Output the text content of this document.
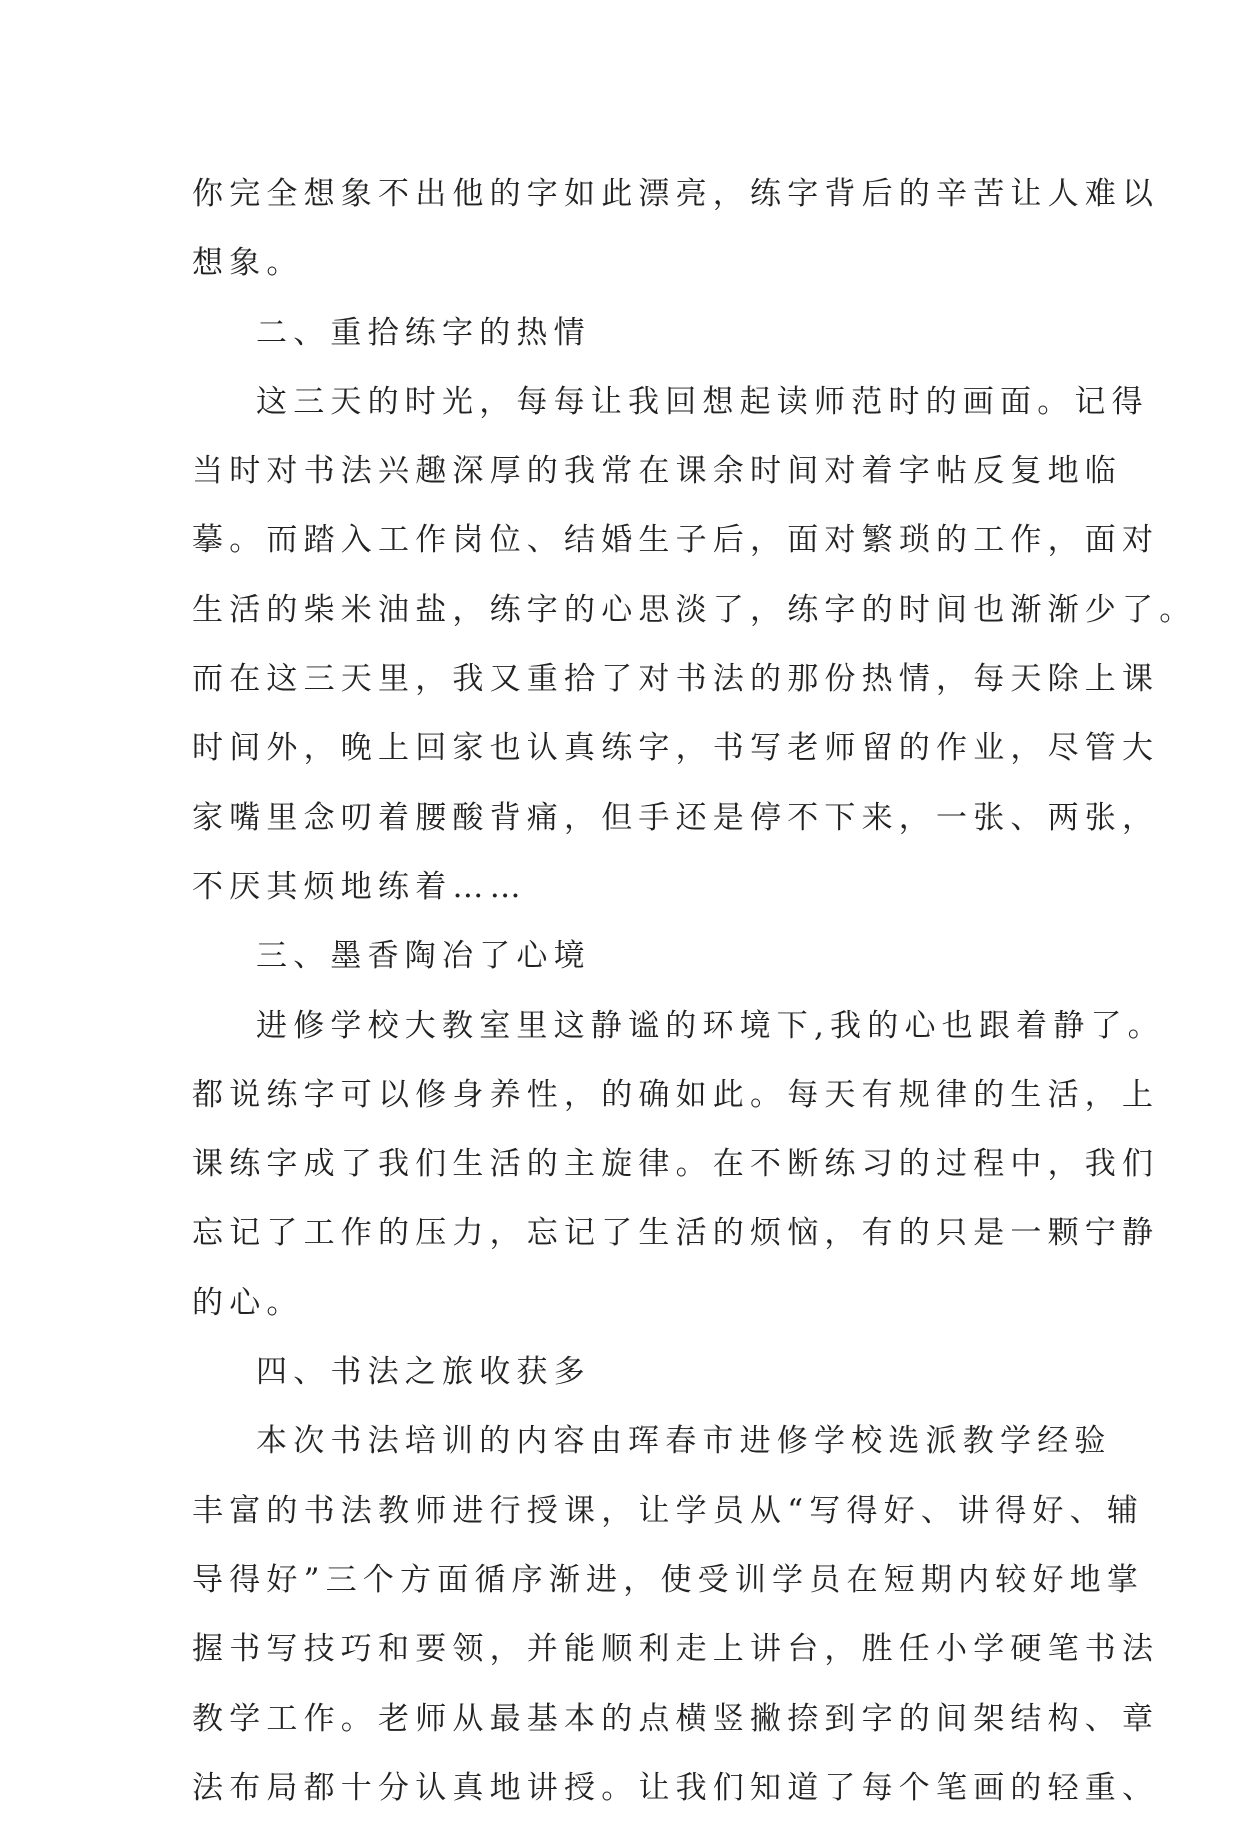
你完全想象不出他的字如此漂亮，练字背后的辛苦让人难以
想象。
二、重拾练字的热情
这三天的时光，每每让我回想起读师范时的画面。记得
当时对书法兴趣深厚的我常在课余时间对着字帖反复地临
摹。而踏入工作岗位、结婚生子后，面对繁琐的工作，面对
生活的柴米油盐，练字的心思淡了，练字的时间也渐渐少了。
而在这三天里，我又重拾了对书法的那份热情，每天除上课
时间外，晚上回家也认真练字，书写老师留的作业，尽管大
家嘴里念叨着腰酸背痛，但手还是停不下来，一张、两张，
不厌其烦地练着……
三、墨香陶冶了心境
进修学校大教室里这静谧的环境下,我的心也跟着静了。
都说练字可以修身养性，的确如此。每天有规律的生活，上
课练字成了我们生活的主旋律。在不断练习的过程中，我们
忘记了工作的压力，忘记了生活的烦恼，有的只是一颗宁静
的心。
四、书法之旅收获多
本次书法培训的内容由珲春市进修学校选派教学经验
丰富的书法教师进行授课，让学员从“写得好、讲得好、辅
导得好”三个方面循序渐进，使受训学员在短期内较好地掌
握书写技巧和要领，并能顺利走上讲台，胜任小学硬笔书法
教学工作。老师从最基本的点横竖撇捺到字的间架结构、章
法布局都十分认真地讲授。让我们知道了每个笔画的轻重、
